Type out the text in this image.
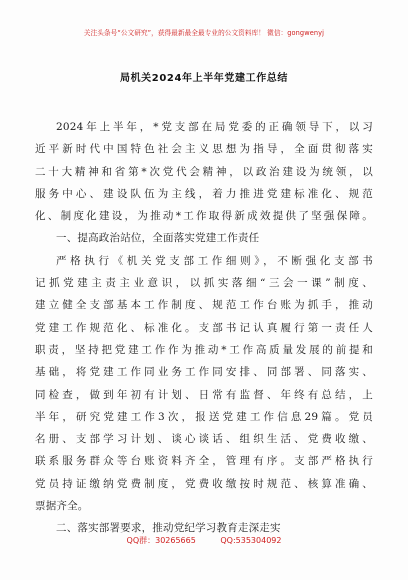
关注头条号“公文研究”，获得最新最全最专业的公文资料库！ 微信：gongwenyj
局机关2024年上半年党建工作总结
2024年上半年，*党支部在局党委的正确领导下，以习
近平新时代中国特色社会主义思想为指导，全面贯彻落实
二十大精神和省第*次党代会精神，以政治建设为统领，以
服务中心、建设队伍为主线，着力推进党建标准化、规范
化、制度化建设，为推动*工作取得新成效提供了坚强保障。
一、提高政治站位，全面落实党建工作责任
严格执行《机关党支部工作细则》，不断强化支部书
记抓党建主责主业意识，以抓实落细“三会一课”制度、
建立健全支部基本工作制度、规范工作台账为抓手，推动
党建工作规范化、标准化。支部书记认真履行第一责任人
职责，坚持把党建工作作为推动*工作高质量发展的前提和
基础，将党建工作同业务工作同安排、同部署、同落实、
同检查，做到年初有计划、日常有监督、年终有总结，上
半年，研究党建工作3次，报送党建工作信息29篇。党员
名册、支部学习计划、谈心谈话、组织生活、党费收缴、
联系服务群众等台账资料齐全，管理有序。支部严格执行
党员持证缴纳党费制度，党费收缴按时规范、核算准确、
票据齐全。
二、落实部署要求，推动党纪学习教育走深走实
QQ群：30265665	QQ:535304092
